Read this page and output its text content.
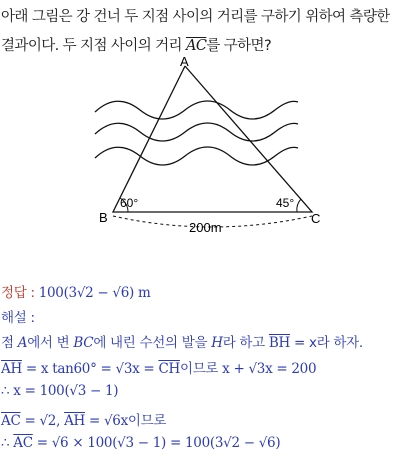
아래 그림은 강 건너 두 지점 사이의 거리를 구하기 위하여 측량한
결과이다. 두 지점 사이의 거리 $\overline{AC}$를 구하면?
A
B	C
60°	45°
200m
정답 : 100(3√2 − √6) m
해설 :
점 A에서 변 BC에 내린 수선의 발을 H라 하고 $\overline{BH} = x$라 하자.
$\overline{AH} = x$ $\tan 60^\circ = √3x = \overline{CH}$이므로 x + √3x = 200
∴ x = 100(√3 − 1)
$\overline{AC} = √2$, $\overline{AH} = √6x$이므로
∴ $\overline{AC} = √6 \times 100(√3 - 1) = 100(3√2 - √6)$
